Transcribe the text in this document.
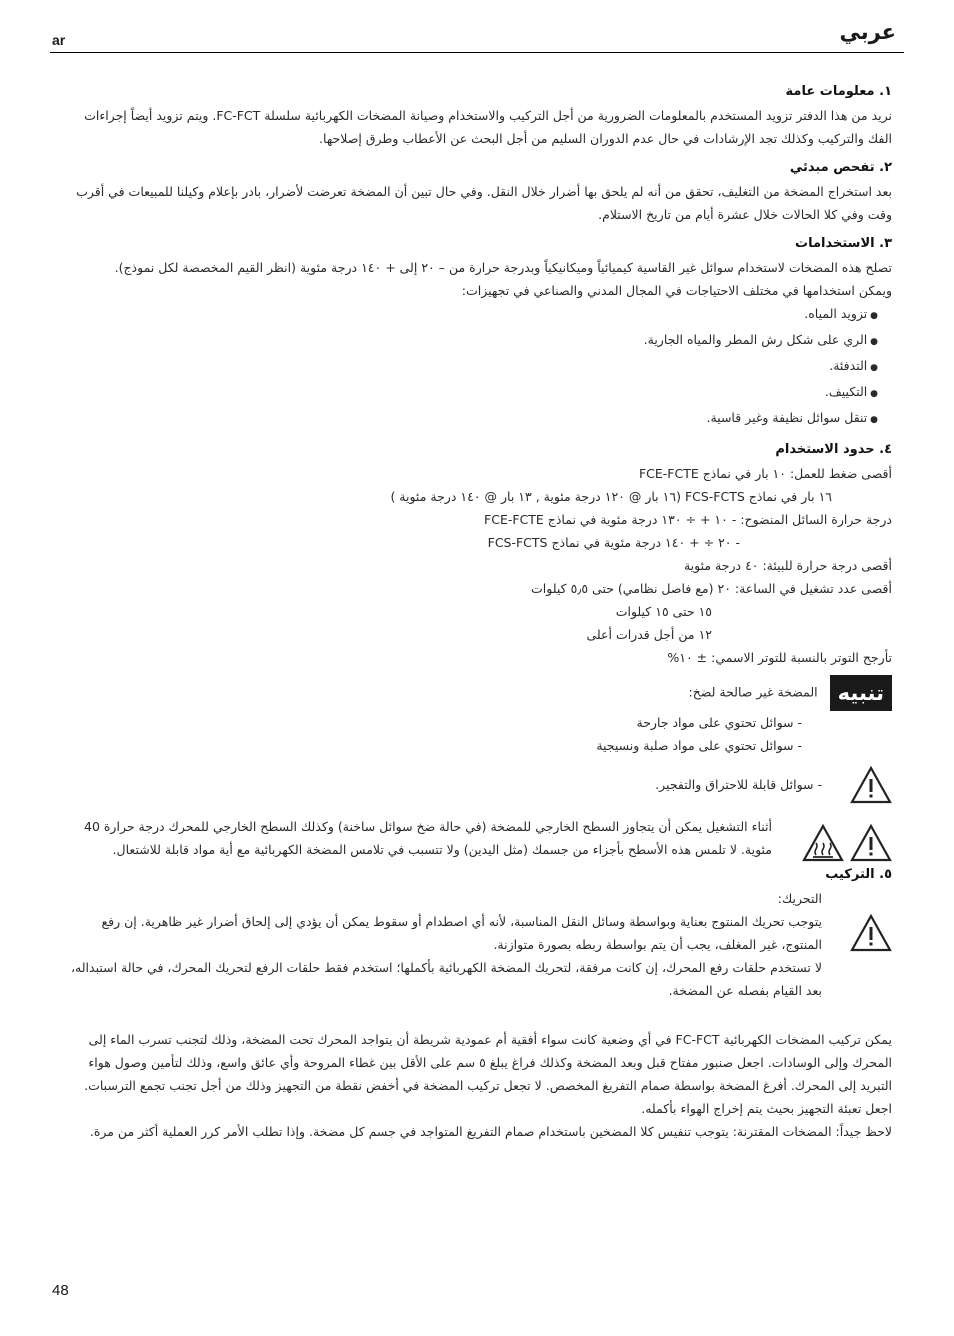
ar	عربي
١. معلومات عامة

نريد من هذا الدفتر تزويد المستخدم بالمعلومات الضرورية من أجل التركيب والاستخدام وصيانة المضخات الكهربائية سلسلة FC-FCT. ويتم تزويد أيضاً إجراءات الفك والتركيب وكذلك تجد الإرشادات في حال عدم الدوران السليم من أجل البحث عن الأعطاب وطرق إصلاحها.

٢. تفحص مبدئي

بعد استخراج المضخة من التغليف، تحقق من أنه لم يلحق بها أضرار خلال النقل. وفي حال تبين أن المضخة تعرضت لأضرار، بادر بإعلام وكيلنا للمبيعات في أقرب وقت وفي كلا الحالات خلال عشرة أيام من تاريخ الاستلام.

٣. الاستخدامات

تصلح هذه المضخات لاستخدام سوائل غير القاسية كيميائياً وميكانيكياً وبدرجة حرارة من – ٢٠ إلى + ١٤٠ درجة مئوية (انظر القيم المخصصة لكل نموذج).

ويمكن استخدامها في مختلف الاحتياجات في المجال المدني والصناعي في تجهيزات:

● تزويد المياه.
● الري على شكل رش المطر والمياه الجارية.
● التدفئة.
● التكييف.
● تنقل سوائل نظيفة وغير قاسية.
٤. حدود الاستخدام

أقصى ضغط للعمل: ١٠ بار في نماذج FCE-FCTE

١٦ بار في نماذج FCS-FCTS (١٦ بار @ ١٢٠ درجة مئوية , ١٣ بار @ ١٤٠ درجة مئوية )

درجة حرارة السائل المنضوح: - ١٠ + ÷ ١٣٠ درجة مئوية في نماذج FCE-FCTE

- ٢٠ ÷ + ١٤٠ درجة مئوية في نماذج FCS-FCTS

أقصى درجة حرارة للبيئة: ٤٠ درجة مئوية

أقصى عدد تشغيل في الساعة: ٢٠ (مع فاصل نظامي) حتى ٥٫٥ كيلوات

١٥ حتى ١٥ كيلوات

١٢ من أجل قدرات أعلى

تأرجح التوتر بالنسبة للتوتر الاسمي: ± ١٠%

تنبيه المضخة غير صالحة لضخ:

- سوائل تحتوي على مواد جارحة

- سوائل تحتوي على مواد صلبة ونسيجية

- سوائل قابلة للاحتراق والتفجير.

أثناء التشغيل يمكن أن يتجاوز السطح الخارجي للمضخة (في حالة ضخ سوائل ساخنة) وكذلك السطح الخارجي للمحرك درجة حرارة 40 مئوية. لا تلمس هذه الأسطح بأجزاء من جسمك (مثل اليدين) ولا تتسبب في تلامس المضخة الكهربائية مع أية مواد قابلة للاشتعال.

٥. التركيب

التحريك:

يتوجب تحريك المنتوج بعناية وبواسطة وسائل النقل المناسبة، لأنه أي اصطدام أو سقوط يمكن أن يؤدي إلى إلحاق أضرار غير ظاهرية. إن رفع المنتوج، غير المغلف، يجب أن يتم بواسطة ربطه بصورة متوازنة.

لا تستخدم حلقات رفع المحرك، إن كانت مرفقة، لتحريك المضخة الكهربائية بأكملها؛ استخدم فقط حلقات الرفع لتحريك المحرك، في حالة استبداله، بعد القيام بفصله عن المضخة.

يمكن تركيب المضخات الكهربائية FC-FCT في أي وضعية كانت سواء أفقية أم عمودية شريطة أن يتواجد المحرك تحت المضخة، وذلك لتجنب تسرب الماء إلى المحرك وإلى الوسادات. اجعل صنبور مفتاح قبل وبعد المضخة وكذلك فراغ يبلغ ٥ سم على الأقل بين غطاء المروحة وأي عائق واسع، وذلك لتأمين وصول هواء التبريد إلى المحرك. أفرغ المضخة بواسطة صمام التفريغ المخصص. لا تجعل تركيب المضخة في أخفض نقطة من التجهيز وذلك من أجل تجنب تجمع الترسبات. اجعل تعبئة التجهيز بحيث يتم إخراج الهواء بأكمله.

لاحظ جيداً: المضخات المقترنة: يتوجب تنفيس كلا المضخين باستخدام صمام التفريغ المتواجد في جسم كل مضخة. وإذا تطلب الأمر كرر العملية أكثر من مرة.

48
